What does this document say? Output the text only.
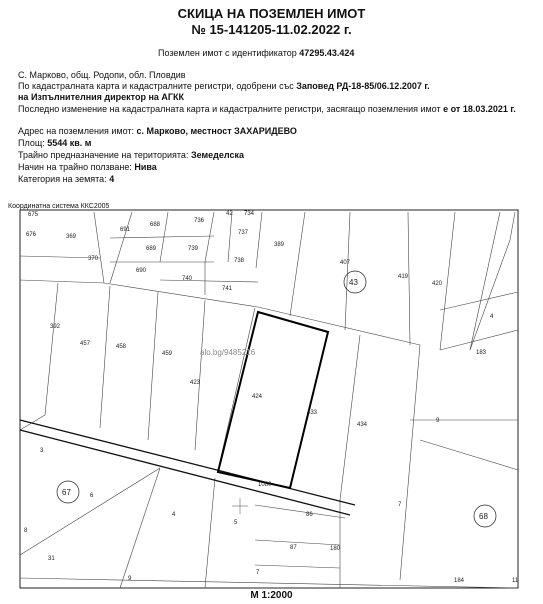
СКИЦА НА ПОЗЕМЛЕН ИМОТ
№ 15-141205-11.02.2022 г.
Поземлен имот с идентификатор 47295.43.424
С. Марково, общ. Родопи, обл. Пловдив
По кадастралната карта и кадастралните регистри, одобрени със Заповед РД-18-85/06.12.2007 г.
на Изпълнителния директор на АГКК
Последно изменение на кадастралната карта и кадастралните регистри, засягащо поземления имот е от 18.03.2021 г.
Адрес на поземления имот: с. Марково, местност ЗАХАРИДЕВО
Площ: 5544 кв. м
Трайно предназначение на територията: Земеделска
Начин на трайно ползване: Нива
Категория на земята: 4
Координатна система ККС2005
675
676	369
370
691
688
689
690
736
739
740
741
737
738
734
389
42
407
43
419
420
4
183
392
457	458
459
423
424
433
434
9
3
67	6
1080
4
5
86
87	180
7
68
8
31
9
7
184	11
alo.bg/9485216
М 1:2000
